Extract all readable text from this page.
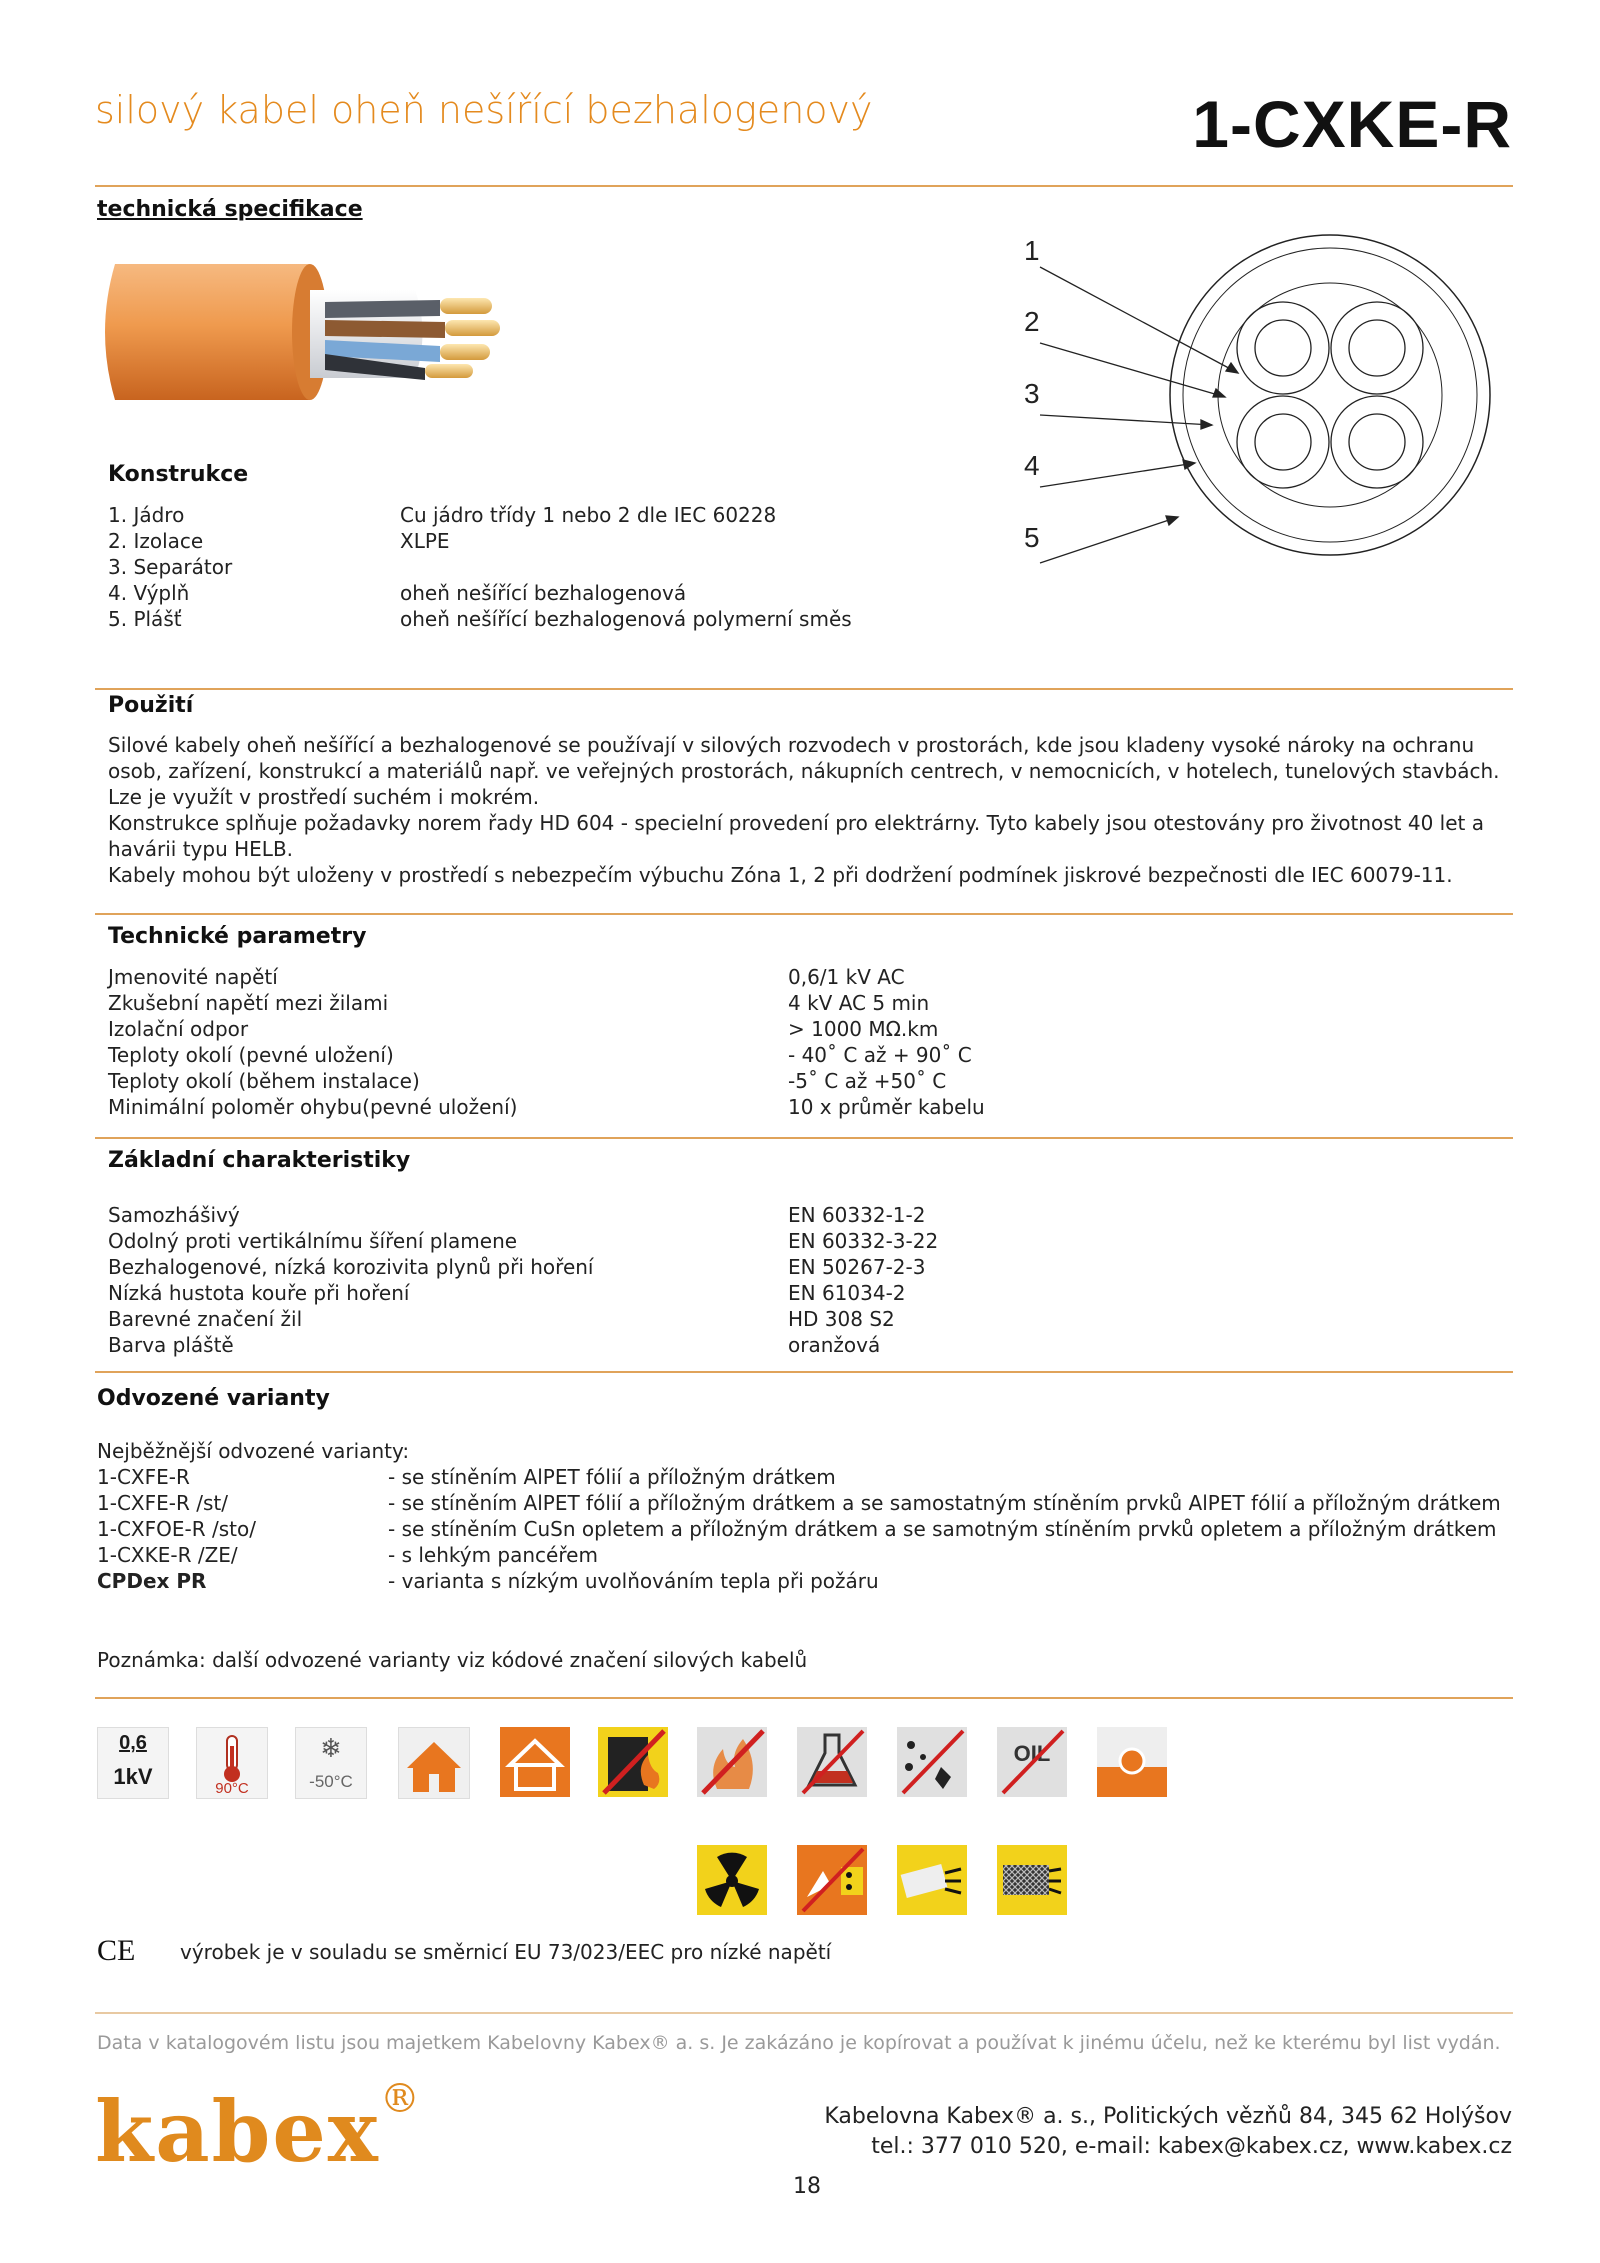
silový kabel oheň nešířící bezhalogenový	1-CXKE-R
technická specifikace
1
2
3
4
5
Konstrukce
1. Jádro	Cu jádro třídy 1 nebo 2 dle IEC 60228
2. Izolace	XLPE
3. Separátor
4. Výplň	oheň nešířící bezhalogenová
5. Plášť	oheň nešířící bezhalogenová polymerní směs
Použití

Silové kabely oheň nešířící a bezhalogenové se používají v silových rozvodech v prostorách, kde jsou kladeny vysoké nároky na ochranu osob, zařízení, konstrukcí a materiálů např. ve veřejných prostorách, nákupních centrech, v nemocnicích, v hotelech, tunelových stavbách. Lze je využít v prostředí suchém i mokrém.

Konstrukce splňuje požadavky norem řady HD 604 - specielní provedení pro elektrárny. Tyto kabely jsou otestovány pro životnost 40 let a havárii typu HELB.

Kabely mohou být uloženy v prostředí s nebezpečím výbuchu Zóna 1, 2 při dodržení podmínek jiskrové bezpečnosti dle IEC 60079-11.

Technické parametry
Jmenovité napětí	0,6/1 kV AC
Zkušební napětí mezi žilami	4 kV AC 5 min
Izolační odpor	> 1000 MΩ.km
Teploty okolí (pevné uložení)	- 40˚ C až + 90˚ C
Teploty okolí (během instalace)	-5˚ C až +50˚ C
Minimální poloměr ohybu(pevné uložení)	10 x průměr kabelu
Základní charakteristiky
Samozhášivý	EN 60332-1-2
Odolný proti vertikálnímu šíření plamene	EN 60332-3-22
Bezhalogenové, nízká korozivita plynů při hoření	EN 50267-2-3
Nízká hustota kouře při hoření	EN 61034-2
Barevné značení žil	HD 308 S2
Barva pláště	oranžová
Odvozené varianty
Nejběžnější odvozené varianty:
1-CXFE-R	- se stíněním AlPET fólií a příložným drátkem
1-CXFE-R /st/	- se stíněním AlPET fólií a příložným drátkem a se samostatným stíněním prvků AlPET fólií a příložným drátkem
1-CXFOE-R /sto/	- se stíněním CuSn opletem a příložným drátkem a se samotným stíněním prvků opletem a příložným drátkem
1-CXKE-R /ZE/	- s lehkým pancéřem
CPDex PR	- varianta s nízkým uvolňováním tepla při požáru
Poznámka: další odvozené varianty viz kódové značení silových kabelů
0,6
1kV	90°C
❄
-50°C
OIL
CE výrobek je v souladu se směrnicí EU 73/023/EEC pro nízké napětí
Data v katalogovém listu jsou majetkem Kabelovny Kabex® a. s. Je zakázáno je kopírovat a používat k jinému účelu, než ke kterému byl list vydán.
kabex®	Kabelovna Kabex® a. s., Politických vězňů 84, 345 62 Holýšov
tel.: 377 010 520, e-mail: kabex@kabex.cz, www.kabex.cz
18
